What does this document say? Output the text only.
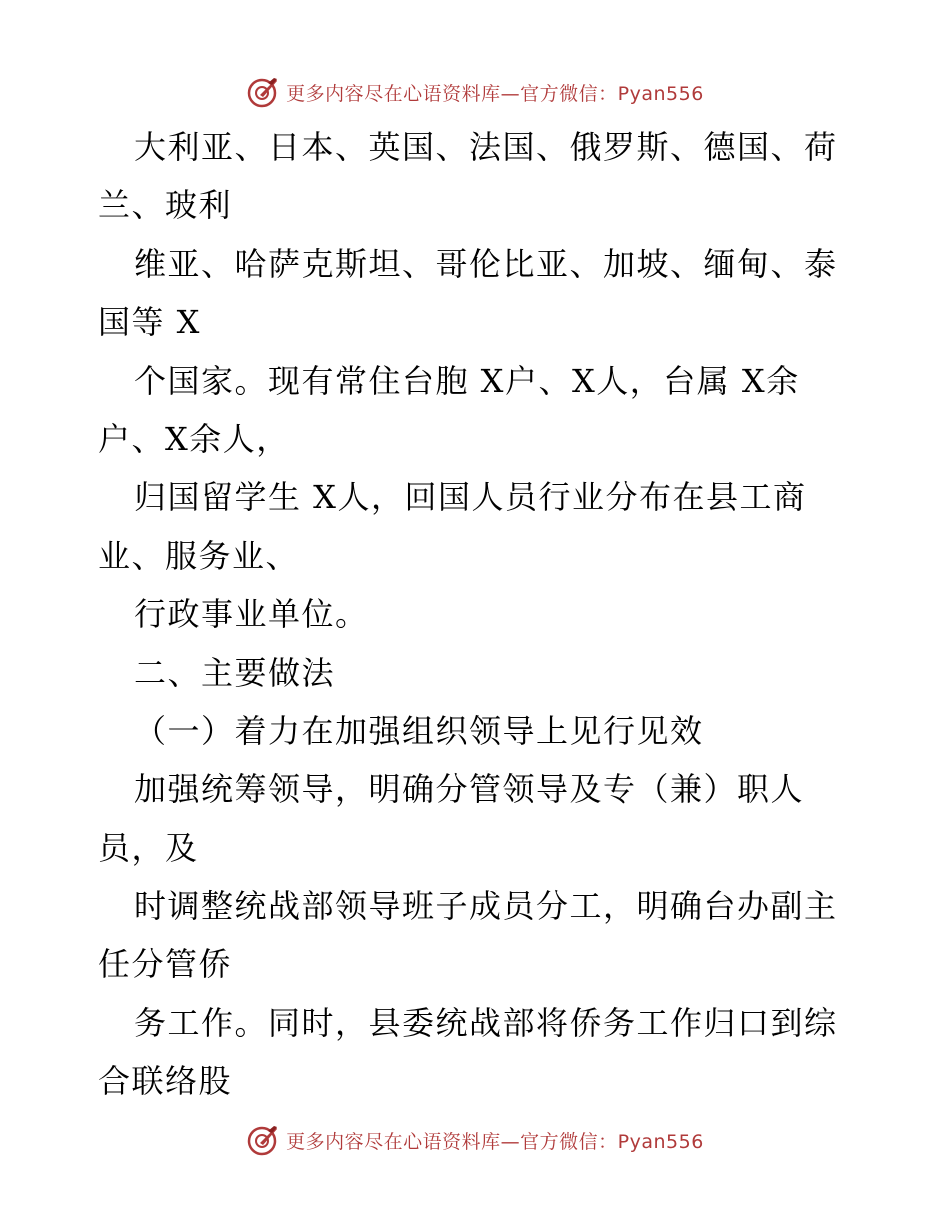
更多内容尽在心语资料库—官方微信：Pyan556
大利亚、日本、英国、法国、俄罗斯、德国、荷
兰、玻利
维亚、哈萨克斯坦、哥伦比亚、加坡、缅甸、泰
国等 X
个国家。现有常住台胞 X户、X人，台属 X余
户、X余人，
归国留学生 X人，回国人员行业分布在县工商
业、服务业、
行政事业单位。
二、主要做法
（一）着力在加强组织领导上见行见效
加强统筹领导，明确分管领导及专（兼）职人
员，及
时调整统战部领导班子成员分工，明确台办副主
任分管侨
务工作。同时，县委统战部将侨务工作归口到综
合联络股
更多内容尽在心语资料库—官方微信：Pyan556
